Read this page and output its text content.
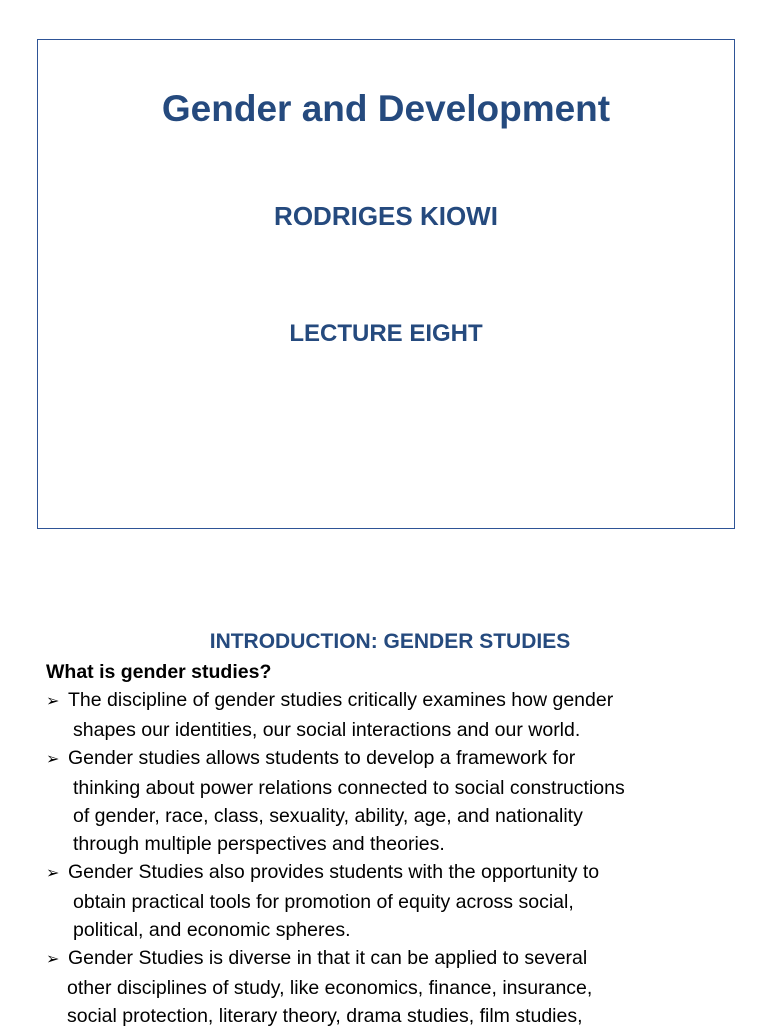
Gender and Development
RODRIGES KIOWI
LECTURE EIGHT
INTRODUCTION: GENDER STUDIES
What is gender studies?
➢ The discipline of gender studies critically examines how gender
shapes our identities, our social interactions and our world.
➢ Gender studies allows students to develop a framework for
thinking about power relations connected to social constructions
of gender, race, class, sexuality, ability, age, and nationality
through multiple perspectives and theories.
➢ Gender Studies also provides students with the opportunity to
obtain practical tools for promotion of equity across social,
political, and economic spheres.
➢ Gender Studies is diverse in that it can be applied to several
other disciplines of study, like economics, finance, insurance,
social protection, literary theory, drama studies, film studies,
